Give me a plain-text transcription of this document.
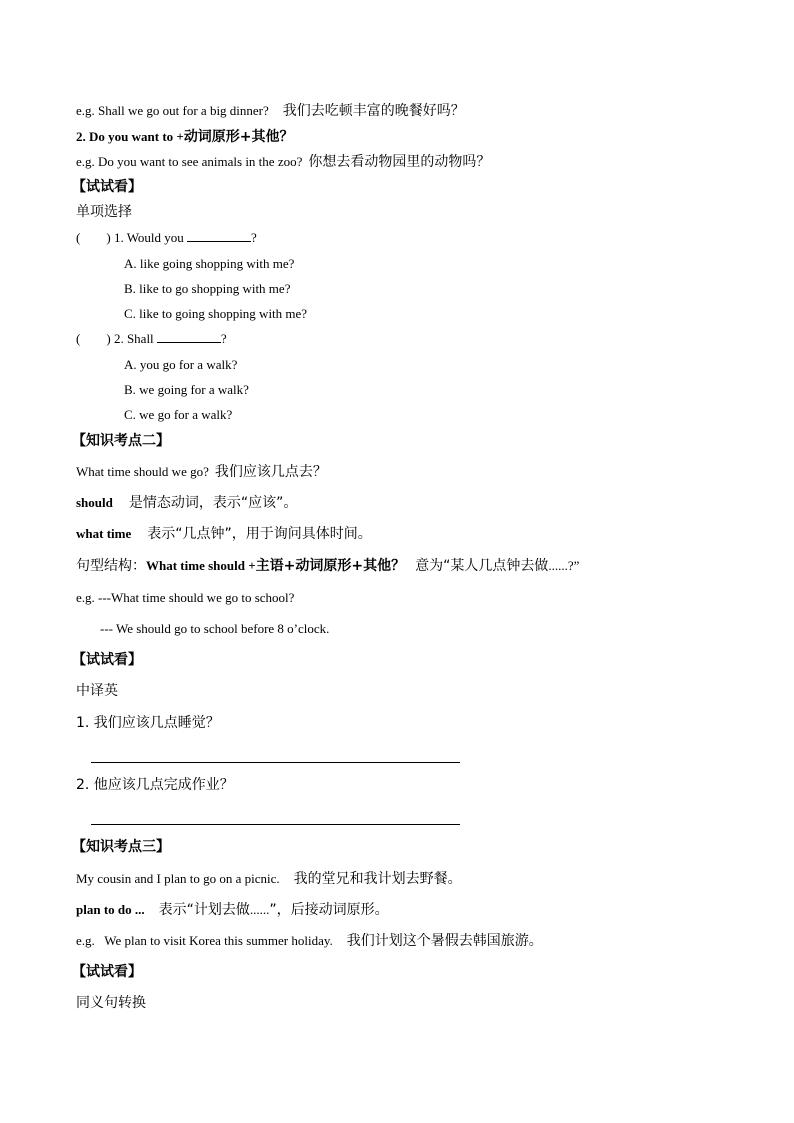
e.g. Shall we go out for a big dinner? 我们去吃顿丰富的晚餐好吗？
2. Do you want to +动词原形+其他？
e.g. Do you want to see animals in the zoo? 你想去看动物园里的动物吗？
【试试看】
单项选择
( ) 1. Would you	?
A. like going shopping with me?
B. like to go shopping with me?
C. like to going shopping with me?
( ) 2. Shall	?
A. you go for a walk?
B. we going for a walk?
C. we go for a walk?
【知识考点二】
What time should we go? 我们应该几点去？
should 是情态动词，表示“应该”。
what time 表示“几点钟”，用于询问具体时间。
句型结构：What time should +主语+动词原形+其他？ 意为“某人几点钟去做......?”
e.g. ---What time should we go to school?
--- We should go to school before 8 o’clock.
【试试看】
中译英
1. 我们应该几点睡觉？
2. 他应该几点完成作业？
【知识考点三】
My cousin and I plan to go on a picnic. 我的堂兄和我计划去野餐。
plan to do ... 表示“计划去做......”，后接动词原形。
e.g.   We plan to visit Korea this summer holiday. 我们计划这个暑假去韩国旅游。
【试试看】
同义句转换
